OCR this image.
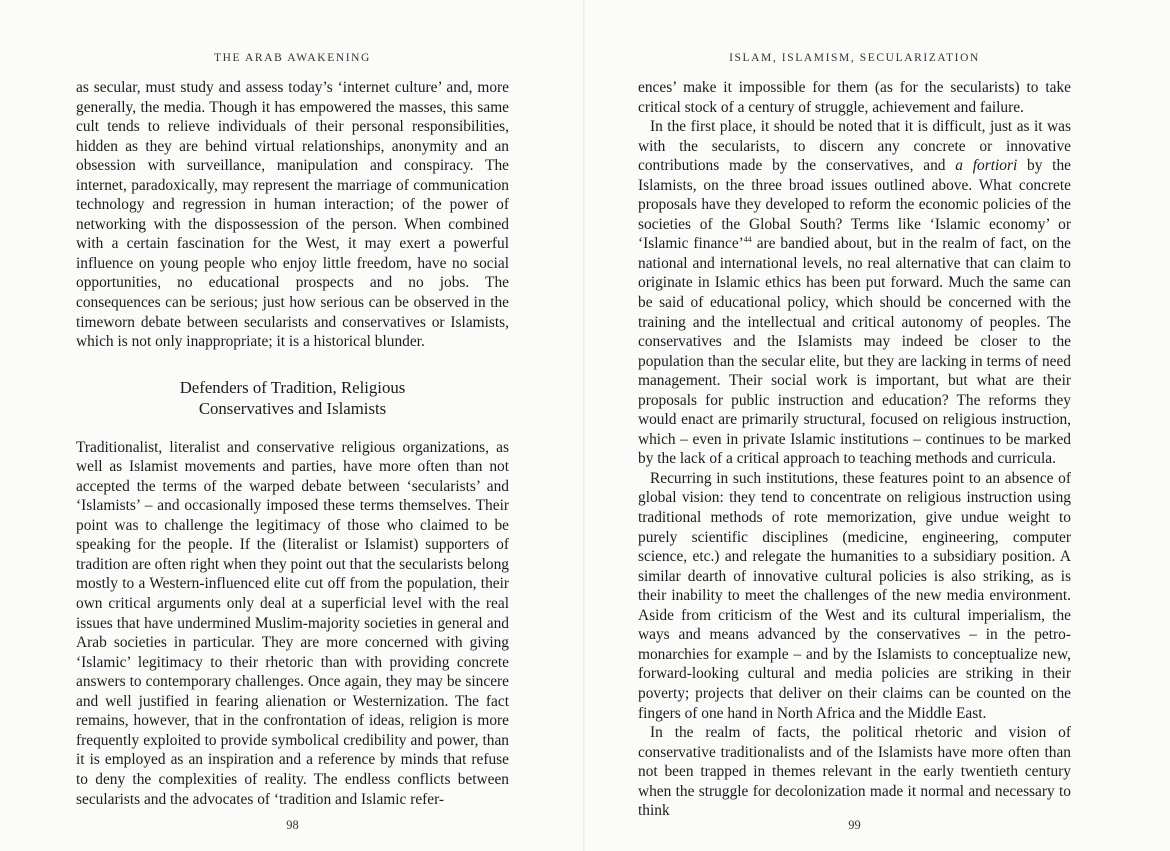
THE ARAB AWAKENING

as secular, must study and assess today’s ‘internet culture’ and, more generally, the media. Though it has empowered the masses, this same cult tends to relieve individuals of their personal responsibilities, hidden as they are behind virtual relationships, anonymity and an obsession with surveillance, manipulation and conspiracy. The internet, paradoxically, may represent the marriage of communication technology and regression in human interaction; of the power of networking with the dispossession of the person. When combined with a certain fascination for the West, it may exert a powerful influence on young people who enjoy little freedom, have no social opportunities, no educational prospects and no jobs. The consequences can be serious; just how serious can be observed in the timeworn debate between secularists and conservatives or Islamists, which is not only inappropriate; it is a historical blunder.

Defenders of Tradition, Religious
Conservatives and Islamists

Traditionalist, literalist and conservative religious organizations, as well as Islamist movements and parties, have more often than not accepted the terms of the warped debate between ‘secularists’ and ‘Islamists’ – and occasionally imposed these terms themselves. Their point was to challenge the legitimacy of those who claimed to be speaking for the people. If the (literalist or Islamist) supporters of tradition are often right when they point out that the secularists belong mostly to a Western-influenced elite cut off from the population, their own critical arguments only deal at a superficial level with the real issues that have undermined Muslim-majority societies in general and Arab societies in particular. They are more concerned with giving ‘Islamic’ legitimacy to their rhetoric than with providing concrete answers to contemporary challenges. Once again, they may be sincere and well justified in fearing alienation or Westernization. The fact remains, however, that in the confrontation of ideas, religion is more frequently exploited to provide symbolical credibility and power, than it is employed as an inspiration and a reference by minds that refuse to deny the complexities of reality. The endless conflicts between secularists and the advocates of ‘tradition and Islamic refer-

98
ISLAM, ISLAMISM, SECULARIZATION

ences’ make it impossible for them (as for the secularists) to take critical stock of a century of struggle, achievement and failure.

In the first place, it should be noted that it is difficult, just as it was with the secularists, to discern any concrete or innovative contributions made by the conservatives, and a fortiori by the Islamists, on the three broad issues outlined above. What concrete proposals have they developed to reform the economic policies of the societies of the Global South? Terms like ‘Islamic economy’ or ‘Islamic finance’$^{44}$ are bandied about, but in the realm of fact, on the national and international levels, no real alternative that can claim to originate in Islamic ethics has been put forward. Much the same can be said of educational policy, which should be concerned with the training and the intellectual and critical autonomy of peoples. The conservatives and the Islamists may indeed be closer to the population than the secular elite, but they are lacking in terms of need management. Their social work is important, but what are their proposals for public instruction and education? The reforms they would enact are primarily structural, focused on religious instruction, which – even in private Islamic institutions – continues to be marked by the lack of a critical approach to teaching methods and curricula.

Recurring in such institutions, these features point to an absence of global vision: they tend to concentrate on religious instruction using traditional methods of rote memorization, give undue weight to purely scientific disciplines (medicine, engineering, computer science, etc.) and relegate the humanities to a subsidiary position. A similar dearth of innovative cultural policies is also striking, as is their inability to meet the challenges of the new media environment. Aside from criticism of the West and its cultural imperialism, the ways and means advanced by the conservatives – in the petro-monarchies for example – and by the Islamists to conceptualize new, forward-looking cultural and media policies are striking in their poverty; projects that deliver on their claims can be counted on the fingers of one hand in North Africa and the Middle East.

In the realm of facts, the political rhetoric and vision of conservative traditionalists and of the Islamists have more often than not been trapped in themes relevant in the early twentieth century when the struggle for decolonization made it normal and necessary to think

99
